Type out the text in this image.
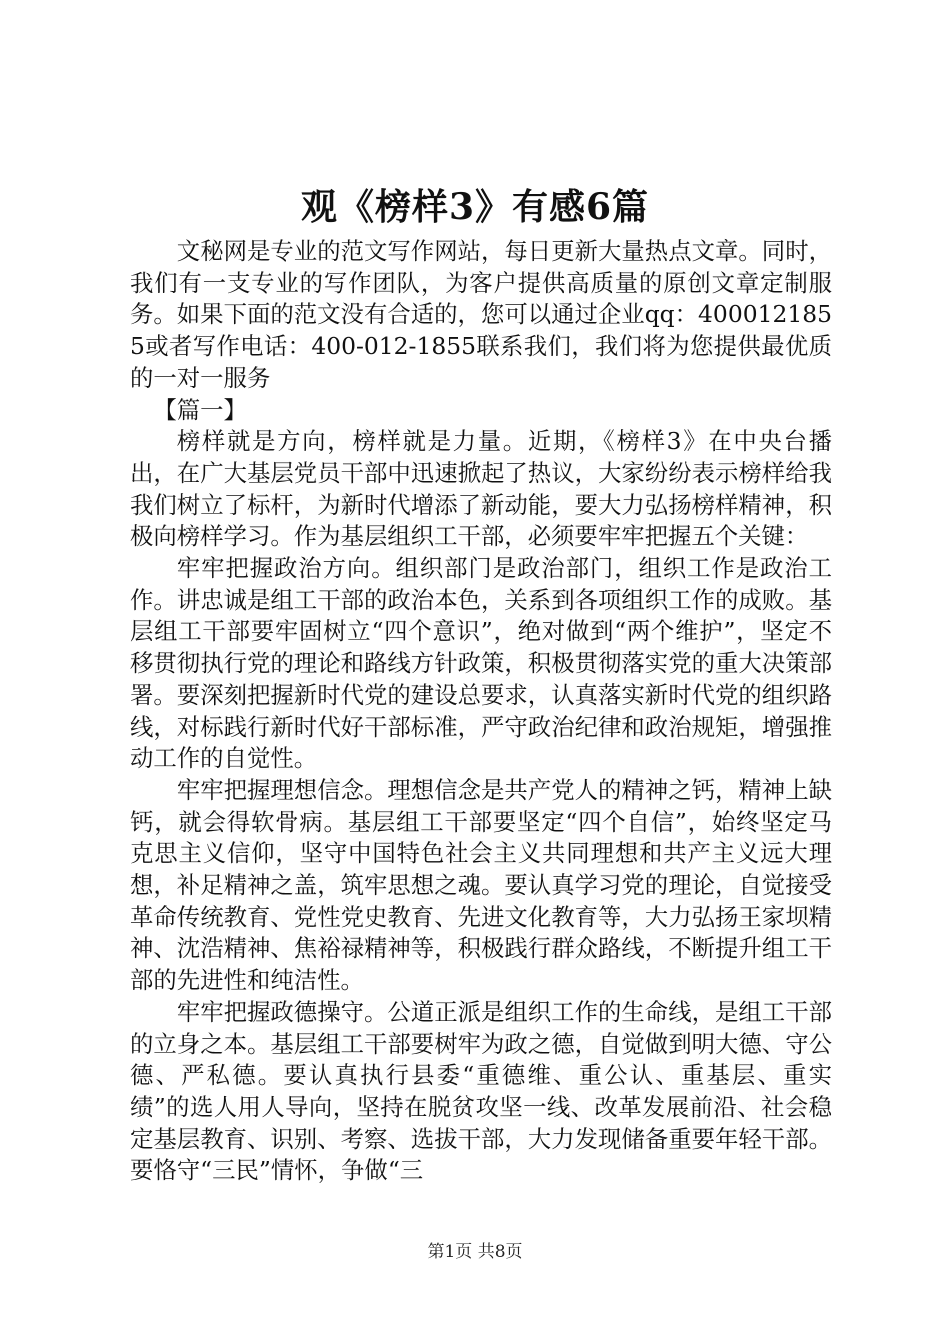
观《榜样3》有感6篇

文秘网是专业的范文写作网站，每日更新大量热点文章。同时，我们有一支专业的写作团队，为客户提供高质量的原创文章定制服务。如果下面的范文没有合适的，您可以通过企业qq：4000121855或者写作电话：400-012-1855联系我们，我们将为您提供最优质的一对一服务

【篇一】

榜样就是方向，榜样就是力量。近期，《榜样3》在中央台播出，在广大基层党员干部中迅速掀起了热议，大家纷纷表示榜样给我我们树立了标杆，为新时代增添了新动能，要大力弘扬榜样精神，积极向榜样学习。作为基层组织工干部，必须要牢牢把握五个关键：

牢牢把握政治方向。组织部门是政治部门，组织工作是政治工作。讲忠诚是组工干部的政治本色，关系到各项组织工作的成败。基层组工干部要牢固树立“四个意识”，绝对做到“两个维护”，坚定不移贯彻执行党的理论和路线方针政策，积极贯彻落实党的重大决策部署。要深刻把握新时代党的建设总要求，认真落实新时代党的组织路线，对标践行新时代好干部标准，严守政治纪律和政治规矩，增强推动工作的自觉性。

牢牢把握理想信念。理想信念是共产党人的精神之钙，精神上缺钙，就会得软骨病。基层组工干部要坚定“四个自信”，始终坚定马克思主义信仰，坚守中国特色社会主义共同理想和共产主义远大理想，补足精神之盖，筑牢思想之魂。要认真学习党的理论，自觉接受革命传统教育、党性党史教育、先进文化教育等，大力弘扬王家坝精神、沈浩精神、焦裕禄精神等，积极践行群众路线，不断提升组工干部的先进性和纯洁性。

牢牢把握政德操守。公道正派是组织工作的生命线，是组工干部的立身之本。基层组工干部要树牢为政之德，自觉做到明大德、守公德、严私德。要认真执行县委“重德维、重公认、重基层、重实绩”的选人用人导向，坚持在脱贫攻坚一线、改革发展前沿、社会稳定基层教育、识别、考察、选拔干部，大力发现储备重要年轻干部。要恪守“三民”情怀，争做“三

第1页 共8页
